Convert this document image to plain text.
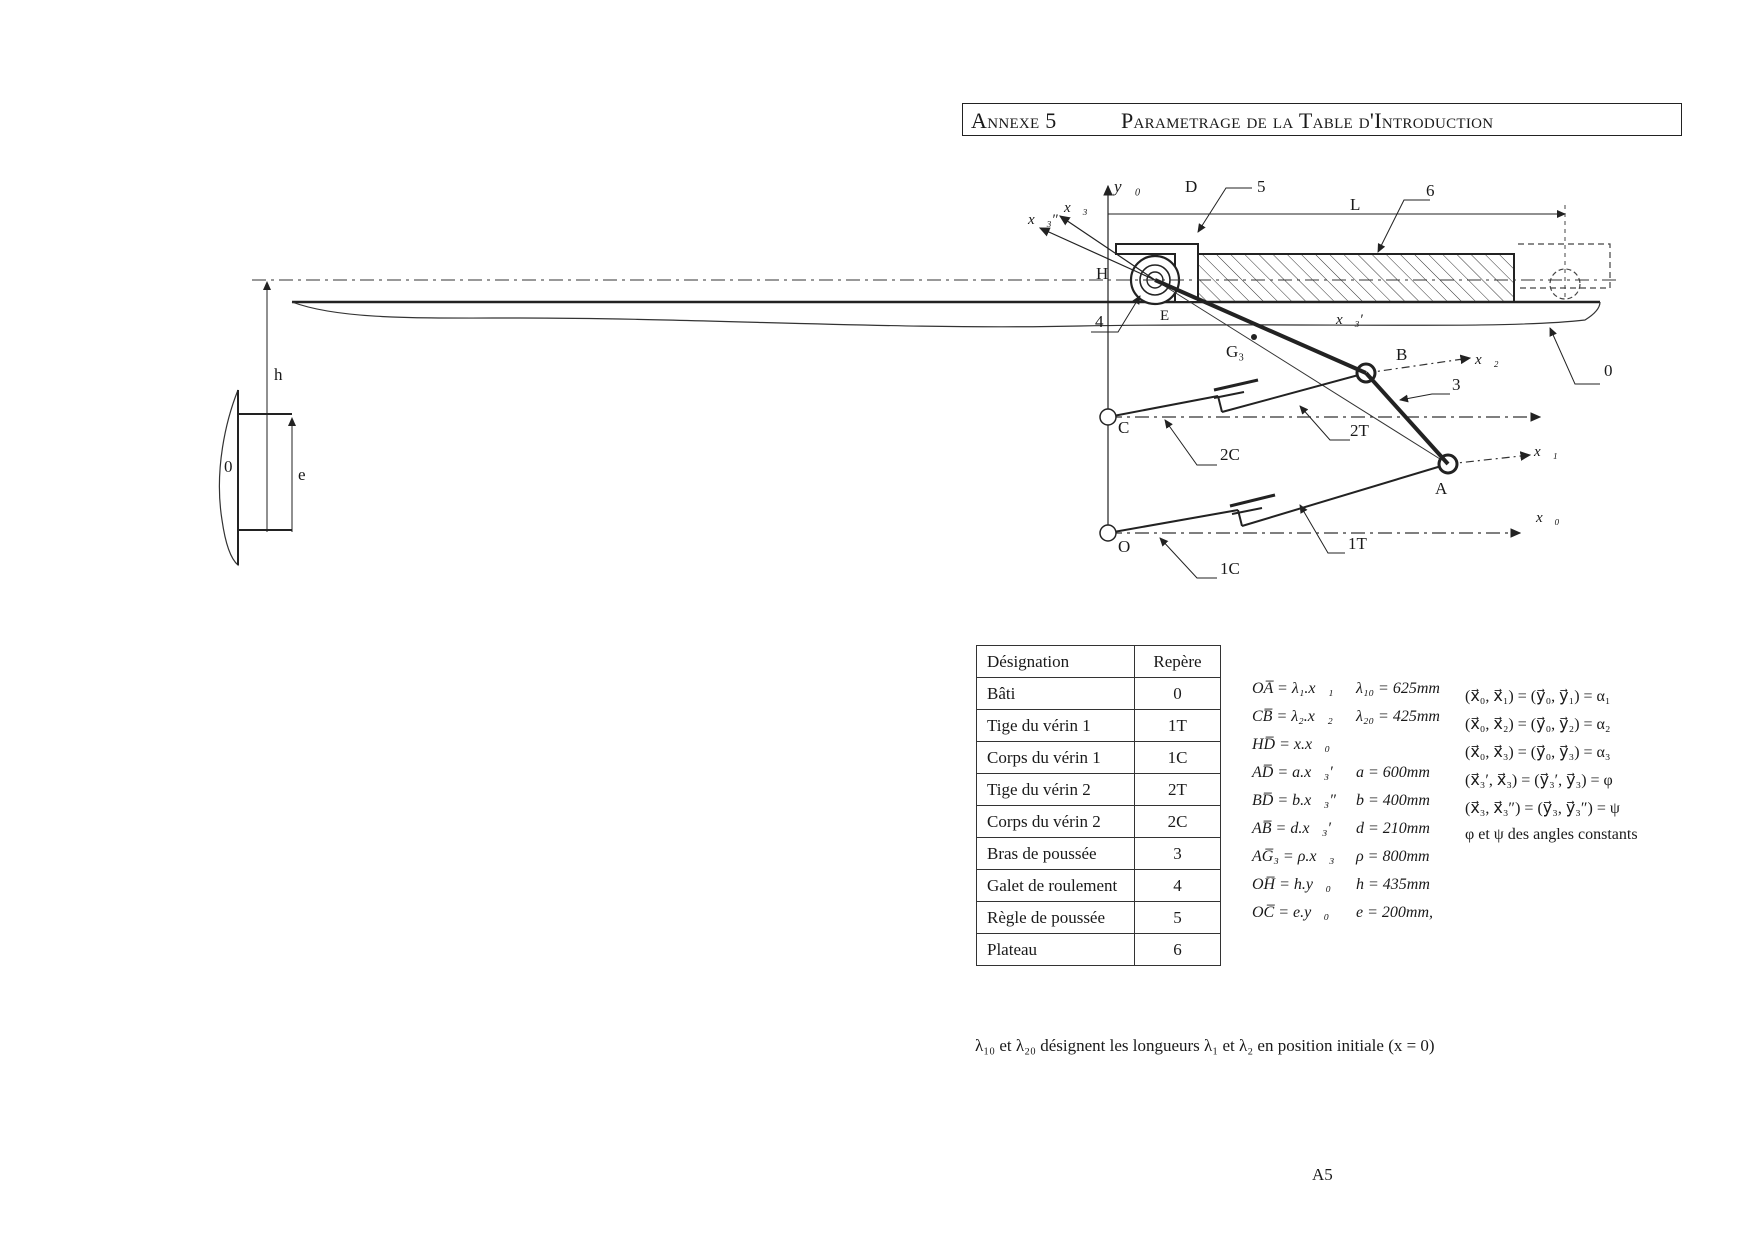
Annexe 5	Parametrage de la Table d'Introduction
y⃗₀
x⃗₃″
x⃗₃
x⃗₃′
x⃗₂
x⃗₁
x⃗₀
D
H
E
G₃	B
A
C
O
L
h
e
4
5	6
0
0
3
2C
2T
1C
1T
Désignation	Repère
Bâti	0
Tige du vérin 1	1T
Corps du vérin 1	1C
Tige du vérin 2	2T
Corps du vérin 2	2C
Bras de poussée	3
Galet de roulement	4
Règle de poussée	5
Plateau	6
OA̅ = λ₁.x⃗₁ λ₁₀ = 625mm
CB̅ = λ₂.x⃗₂ λ₂₀ = 425mm
HD̅ = x.x⃗₀
AD̅ = a.x⃗₃′ a = 600mm
BD̅ = b.x⃗₃″ b = 400mm
AB̅ = d.x⃗₃′ d = 210mm
AG̅₃ = ρ.x⃗₃ ρ = 800mm
OH̅ = h.y⃗₀ h = 435mm
OC̅ = e.y⃗₀ e = 200mm,
(x⃗₀, x⃗₁) = (y⃗₀, y⃗₁) = α₁
(x⃗₀, x⃗₂) = (y⃗₀, y⃗₂) = α₂
(x⃗₀, x⃗₃) = (y⃗₀, y⃗₃) = α₃
(x⃗₃′, x⃗₃) = (y⃗₃′, y⃗₃) = φ
(x⃗₃, x⃗₃″) = (y⃗₃, y⃗₃″) = ψ
φ et ψ des angles constants
λ₁₀ et λ₂₀ désignent les longueurs λ₁ et λ₂ en position initiale (x = 0)
A5
